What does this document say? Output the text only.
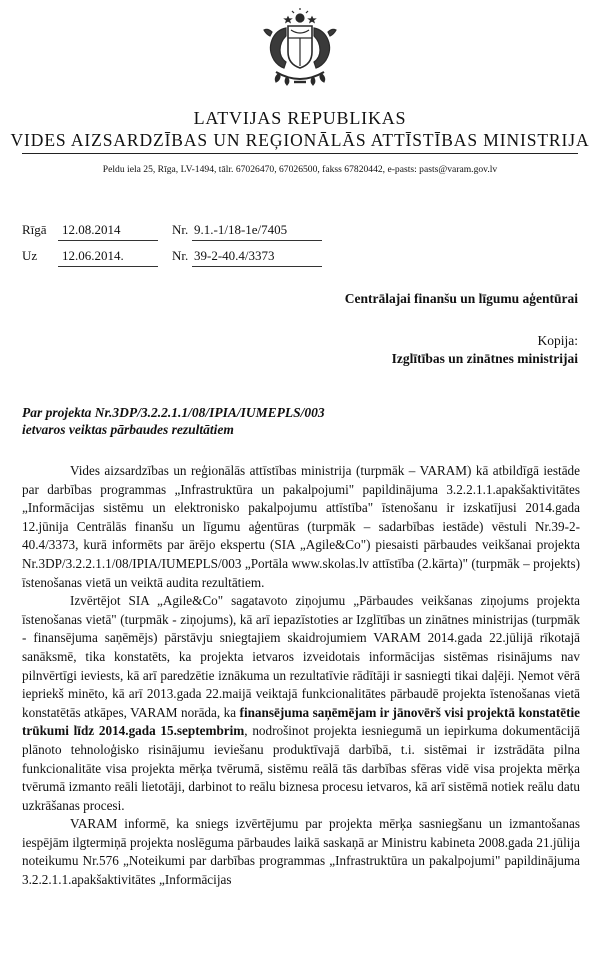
LATVIJAS REPUBLIKAS
VIDES AIZSARDZĪBAS UN REĢIONĀLĀS ATTĪSTĪBAS MINISTRIJA
Peldu iela 25, Rīga, LV-1494, tālr. 67026470, 67026500, fakss 67820442, e-pasts: pasts@varam.gov.lv
Rīgā 12.08.2014	Nr. 9.1.-1/18-1e/7405
Uz 12.06.2014.	Nr. 39-2-40.4/3373
Centrālajai finanšu un līgumu aģentūrai
Kopija:
Izglītības un zinātnes ministrijai
Par projekta Nr.3DP/3.2.2.1.1/08/IPIA/IUMEPLS/003
ietvaros veiktas pārbaudes rezultātiem

Vides aizsardzības un reģionālās attīstības ministrija (turpmāk – VARAM) kā atbildīgā iestāde par darbības programmas „Infrastruktūra un pakalpojumi" papildinājuma 3.2.2.1.1.apakšaktivitātes „Informācijas sistēmu un elektronisko pakalpojumu attīstība" īstenošanu ir izskatījusi 2014.gada 12.jūnija Centrālās finanšu un līgumu aģentūras (turpmāk – sadarbības iestāde) vēstuli Nr.39-2-40.4/3373, kurā informēts par ārējo ekspertu (SIA „Agile&Co") piesaisti pārbaudes veikšanai projekta Nr.3DP/3.2.2.1.1/08/IPIA/IUMEPLS/003 „Portāla www.skolas.lv attīstība (2.kārta)" (turpmāk – projekts) īstenošanas vietā un veiktā audita rezultātiem.

Izvērtējot SIA „Agile&Co" sagatavoto ziņojumu „Pārbaudes veikšanas ziņojums projekta īstenošanas vietā" (turpmāk - ziņojums), kā arī iepazīstoties ar Izglītības un zinātnes ministrijas (turpmāk - finansējuma saņēmējs) pārstāvju sniegtajiem skaidrojumiem VARAM 2014.gada 22.jūlijā rīkotajā sanāksmē, tika konstatēts, ka projekta ietvaros izveidotais informācijas sistēmas risinājums nav pilnvērtīgi ieviests, kā arī paredzētie iznākuma un rezultatīvie rādītāji ir sasniegti tikai daļēji. Ņemot vērā iepriekš minēto, kā arī 2013.gada 22.maijā veiktajā funkcionalitātes pārbaudē projekta īstenošanas vietā konstatētās atkāpes, VARAM norāda, ka finansējuma saņēmējam ir jānovērš visi projektā konstatētie trūkumi līdz 2014.gada 15.septembrim, nodrošinot projekta iesniegumā un iepirkuma dokumentācijā plānoto tehnoloģisko risinājumu ieviešanu produktīvajā darbībā, t.i. sistēmai ir izstrādāta pilna funkcionalitāte visa projekta mērķa tvērumā, sistēmu reālā tās darbības sfēras vidē visa projekta mērķa tvērumā izmanto reāli lietotāji, darbinot to reālu biznesa procesu ietvaros, kā arī sistēmā notiek reālu datu uzkrāšanas procesi.

VARAM informē, ka sniegs izvērtējumu par projekta mērķa sasniegšanu un izmantošanas iespējām ilgtermiņā projekta noslēguma pārbaudes laikā saskaņā ar Ministru kabineta 2008.gada 21.jūlija noteikumu Nr.576 „Noteikumi par darbības programmas „Infrastruktūra un pakalpojumi" papildinājuma 3.2.2.1.1.apakšaktivitātes „Informācijas
